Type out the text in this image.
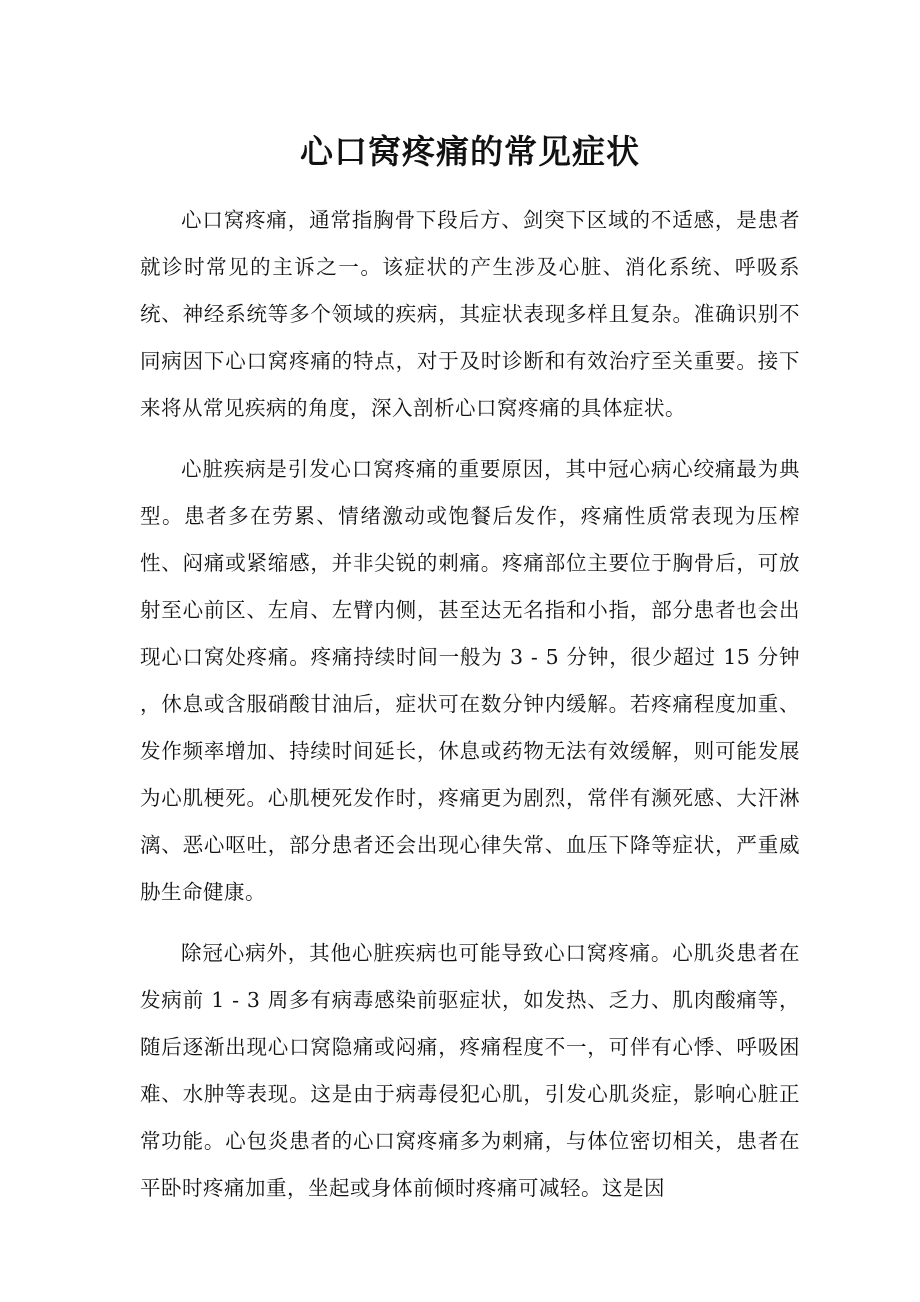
心口窝疼痛的常见症状

心口窝疼痛，通常指胸骨下段后方、剑突下区域的不适感，是患者就诊时常见的主诉之一。该症状的产生涉及心脏、消化系统、呼吸系统、神经系统等多个领域的疾病，其症状表现多样且复杂。准确识别不同病因下心口窝疼痛的特点，对于及时诊断和有效治疗至关重要。接下来将从常见疾病的角度，深入剖析心口窝疼痛的具体症状。

心脏疾病是引发心口窝疼痛的重要原因，其中冠心病心绞痛最为典型。患者多在劳累、情绪激动或饱餐后发作，疼痛性质常表现为压榨性、闷痛或紧缩感，并非尖锐的刺痛。疼痛部位主要位于胸骨后，可放射至心前区、左肩、左臂内侧，甚至达无名指和小指，部分患者也会出现心口窝处疼痛。疼痛持续时间一般为 3 - 5 分钟，很少超过 15 分钟 ，休息或含服硝酸甘油后，症状可在数分钟内缓解。若疼痛程度加重、发作频率增加、持续时间延长，休息或药物无法有效缓解，则可能发展为心肌梗死。心肌梗死发作时，疼痛更为剧烈，常伴有濒死感、大汗淋漓、恶心呕吐，部分患者还会出现心律失常、血压下降等症状，严重威胁生命健康。

除冠心病外，其他心脏疾病也可能导致心口窝疼痛。心肌炎患者在发病前 1 - 3 周多有病毒感染前驱症状，如发热、乏力、肌肉酸痛等，随后逐渐出现心口窝隐痛或闷痛，疼痛程度不一，可伴有心悸、呼吸困难、水肿等表现。这是由于病毒侵犯心肌，引发心肌炎症，影响心脏正常功能。心包炎患者的心口窝疼痛多为刺痛，与体位密切相关，患者在平卧时疼痛加重，坐起或身体前倾时疼痛可减轻。这是因
